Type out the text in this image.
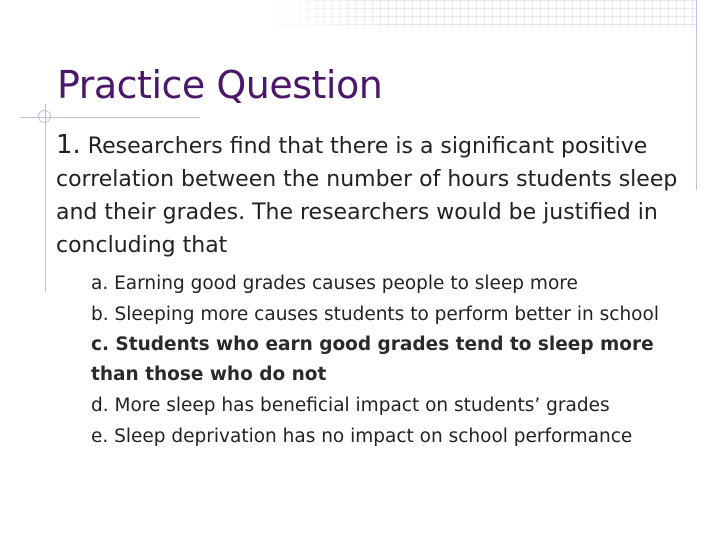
Practice Question

1. Researchers find that there is a significant positive correlation between the number of hours students sleep and their grades. The researchers would be justified in concluding that

a. Earning good grades causes people to sleep more
b. Sleeping more causes students to perform better in school
c. Students who earn good grades tend to sleep more than those who do not
d. More sleep has beneficial impact on students’ grades
e. Sleep deprivation has no impact on school performance
